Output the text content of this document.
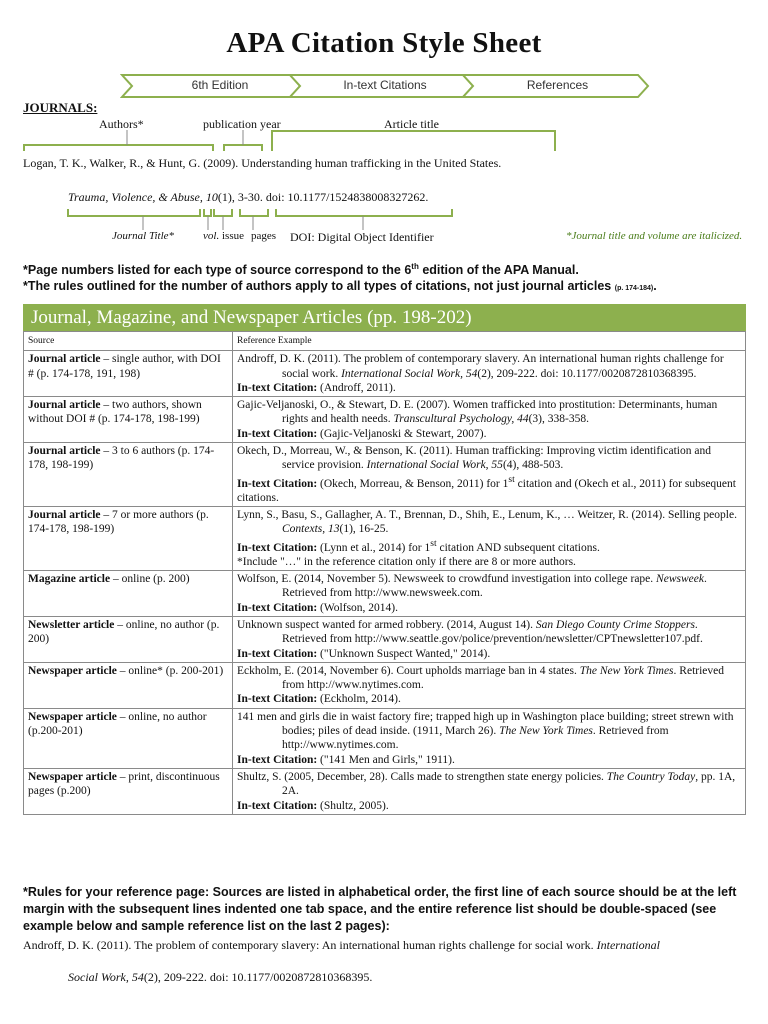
APA Citation Style Sheet
6th Edition	In-text Citations	References
JOURNALS:
Authors*	publication year	Article title
Logan, T. K., Walker, R., & Hunt, G. (2009). Understanding human trafficking in the United States.
Trauma, Violence, & Abuse, 10(1), 3-30. doi: 10.1177/1524838008327262.
Journal Title*	vol. issue pages DOI: Digital Object Identifier	*Journal title and volume are italicized.
*Page numbers listed for each type of source correspond to the 6th edition of the APA Manual.
*The rules outlined for the number of authors apply to all types of citations, not just journal articles (p. 174-184).
Journal, Magazine, and Newspaper Articles (pp. 198-202)
Source	Reference Example
Journal article – single author, with DOI # (p. 174-178, 191, 198)	Androff, D. K. (2011). The problem of contemporary slavery. An international human rights challenge for social work. International Social Work, 54(2), 209-222. doi: 10.1177/0020872810368395.
In-text Citation: (Androff, 2011).

Journal article – two authors, shown without DOI # (p. 174-178, 198-199)	Gajic-Veljanoski, O., & Stewart, D. E. (2007). Women trafficked into prostitution: Determinants, human rights and health needs. Transcultural Psychology, 44(3), 338-358.
In-text Citation: (Gajic-Veljanoski & Stewart, 2007).

Journal article – 3 to 6 authors (p. 174-178, 198-199)	Okech, D., Morreau, W., & Benson, K. (2011). Human trafficking: Improving victim identification and service provision. International Social Work, 55(4), 488-503.
In-text Citation: (Okech, Morreau, & Benson, 2011) for 1st citation and (Okech et al., 2011) for subsequent citations.

Journal article – 7 or more authors (p. 174-178, 198-199)	Lynn, S., Basu, S., Gallagher, A. T., Brennan, D., Shih, E., Lenum, K., … Weitzer, R. (2014). Selling people. Contexts, 13(1), 16-25.
In-text Citation: (Lynn et al., 2014) for 1st citation AND subsequent citations.
*Include "…" in the reference citation only if there are 8 or more authors.

Magazine article – online (p. 200)	Wolfson, E. (2014, November 5). Newsweek to crowdfund investigation into college rape. Newsweek. Retrieved from http://www.newsweek.com.
In-text Citation: (Wolfson, 2014).

Newsletter article – online, no author (p. 200)	Unknown suspect wanted for armed robbery. (2014, August 14). San Diego County Crime Stoppers. Retrieved from http://www.seattle.gov/police/prevention/newsletter/CPTnewsletter107.pdf.
In-text Citation: ("Unknown Suspect Wanted," 2014).

Newspaper article – online* (p. 200-201)	Eckholm, E. (2014, November 6). Court upholds marriage ban in 4 states. The New York Times. Retrieved from http://www.nytimes.com.
In-text Citation: (Eckholm, 2014).

Newspaper article – online, no author (p.200-201)	141 men and girls die in waist factory fire; trapped high up in Washington place building; street strewn with bodies; piles of dead inside. (1911, March 26). The New York Times. Retrieved from http://www.nytimes.com.
In-text Citation: ("141 Men and Girls," 1911).

Newspaper article – print, discontinuous pages (p.200)	Shultz, S. (2005, December, 28). Calls made to strengthen state energy policies. The Country Today, pp. 1A, 2A.
In-text Citation: (Shultz, 2005).
*Rules for your reference page: Sources are listed in alphabetical order, the first line of each source should be at the left margin with the subsequent lines indented one tab space, and the entire reference list should be double-spaced (see example below and sample reference list on the last 2 pages):
Androff, D. K. (2011). The problem of contemporary slavery: An international human rights challenge for social work. International
Social Work, 54(2), 209-222. doi: 10.1177/0020872810368395.
